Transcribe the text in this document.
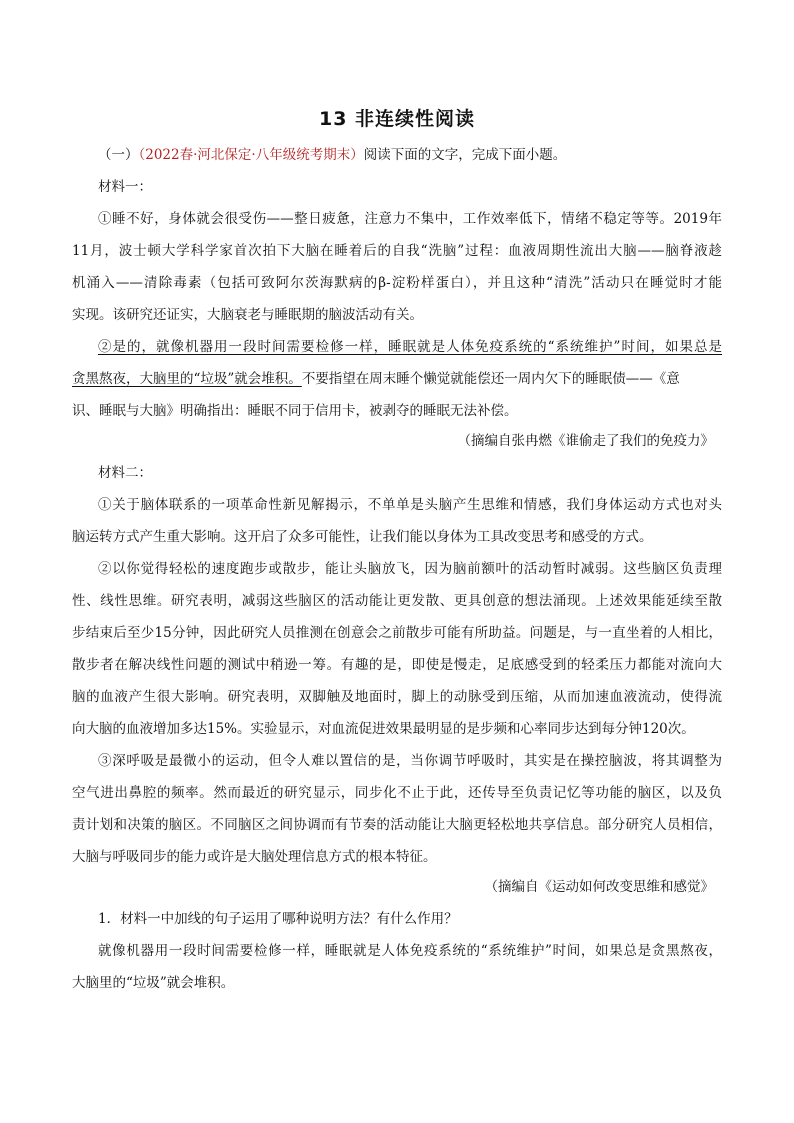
13 非连续性阅读
（一）（2022春·河北保定·八年级统考期末）阅读下面的文字，完成下面小题。
材料一：
①睡不好，身体就会很受伤——整日疲惫，注意力不集中，工作效率低下，情绪不稳定等等。2019年
11月，波士顿大学科学家首次拍下大脑在睡着后的自我“洗脑”过程：血液周期性流出大脑——脑脊液趁
机涌入——清除毒素（包括可致阿尔茨海默病的β-淀粉样蛋白），并且这种“清洗”活动只在睡觉时才能
实现。该研究还证实，大脑衰老与睡眠期的脑波活动有关。
②是的，就像机器用一段时间需要检修一样，睡眠就是人体免疫系统的“系统维护”时间，如果总是
贪黑熬夜，大脑里的“垃圾”就会堆积。不要指望在周末睡个懒觉就能偿还一周内欠下的睡眠债——《意
识、睡眠与大脑》明确指出：睡眠不同于信用卡，被剥夺的睡眠无法补偿。
（摘编自张冉燃《谁偷走了我们的免疫力》
材料二：
①关于脑体联系的一项革命性新见解揭示，不单单是头脑产生思维和情感，我们身体运动方式也对头
脑运转方式产生重大影响。这开启了众多可能性，让我们能以身体为工具改变思考和感受的方式。
②以你觉得轻松的速度跑步或散步，能让头脑放飞，因为脑前额叶的活动暂时减弱。这些脑区负责理
性、线性思维。研究表明，减弱这些脑区的活动能让更发散、更具创意的想法涌现。上述效果能延续至散
步结束后至少15分钟，因此研究人员推测在创意会之前散步可能有所助益。问题是，与一直坐着的人相比，
散步者在解决线性问题的测试中稍逊一筹。有趣的是，即使是慢走，足底感受到的轻柔压力都能对流向大
脑的血液产生很大影响。研究表明，双脚触及地面时，脚上的动脉受到压缩，从而加速血液流动，使得流
向大脑的血液增加多达15%。实验显示，对血流促进效果最明显的是步频和心率同步达到每分钟120次。
③深呼吸是最微小的运动，但令人难以置信的是，当你调节呼吸时，其实是在操控脑波，将其调整为
空气进出鼻腔的频率。然而最近的研究显示，同步化不止于此，还传导至负责记忆等功能的脑区，以及负
责计划和决策的脑区。不同脑区之间协调而有节奏的活动能让大脑更轻松地共享信息。部分研究人员相信，
大脑与呼吸同步的能力或许是大脑处理信息方式的根本特征。
（摘编自《运动如何改变思维和感觉》
1．材料一中加线的句子运用了哪种说明方法？有什么作用？
就像机器用一段时间需要检修一样，睡眠就是人体免疫系统的“系统维护”时间，如果总是贪黑熬夜，
大脑里的“垃圾”就会堆积。
